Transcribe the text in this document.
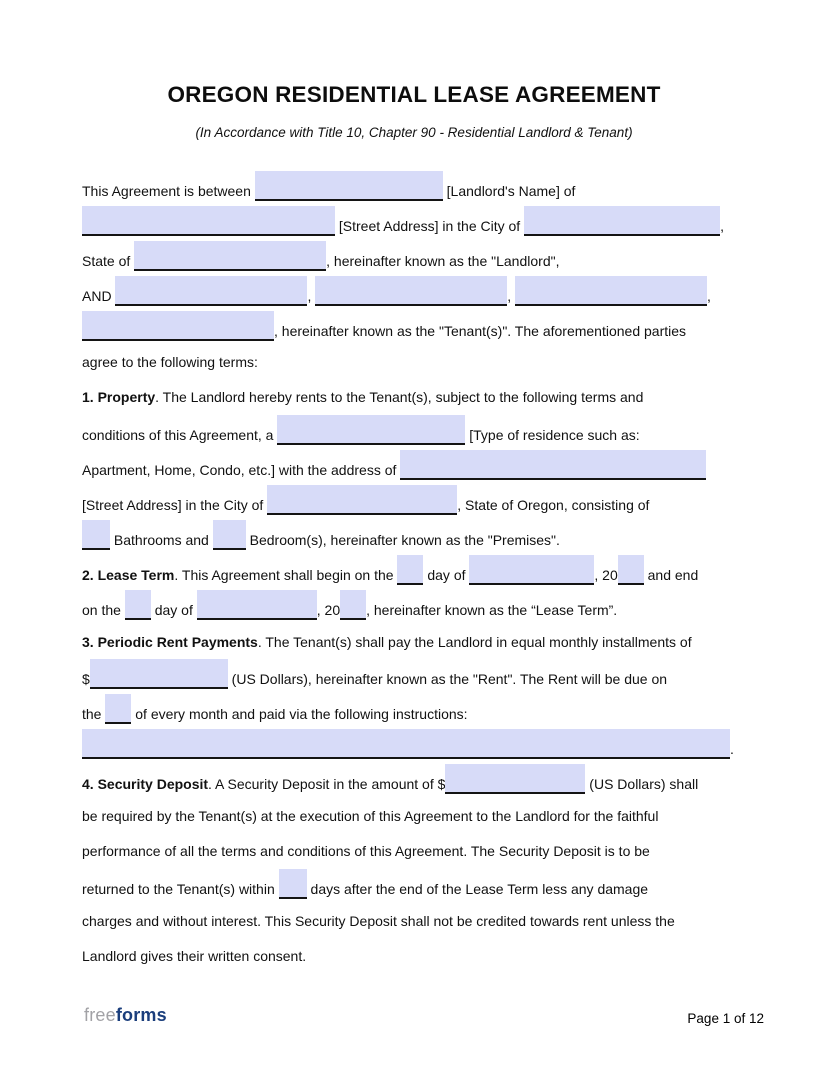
OREGON RESIDENTIAL LEASE AGREEMENT
(In Accordance with Title 10, Chapter 90 - Residential Landlord & Tenant)
This Agreement is between	[Landlord's Name] of
[Street Address] in the City of	,
State of	, hereinafter known as the "Landlord",
AND	,	,	,
, hereinafter known as the "Tenant(s)". The aforementioned parties
agree to the following terms:
1. Property. The Landlord hereby rents to the Tenant(s), subject to the following terms and
conditions of this Agreement, a	[Type of residence such as:
Apartment, Home, Condo, etc.] with the address of
[Street Address] in the City of	, State of Oregon, consisting of
Bathrooms and  Bedroom(s), hereinafter known as the "Premises".
2. Lease Term. This Agreement shall begin on the  day of	, 20 and end
on the  day of	, 20 , hereinafter known as the “Lease Term”.
3. Periodic Rent Payments. The Tenant(s) shall pay the Landlord in equal monthly installments of
$	(US Dollars), hereinafter known as the "Rent". The Rent will be due on
the  of every month and paid via the following instructions:
.
4. Security Deposit. A Security Deposit in the amount of $	(US Dollars) shall
be required by the Tenant(s) at the execution of this Agreement to the Landlord for the faithful
performance of all the terms and conditions of this Agreement. The Security Deposit is to be
returned to the Tenant(s) within  days after the end of the Lease Term less any damage
charges and without interest. This Security Deposit shall not be credited towards rent unless the
Landlord gives their written consent.
freeforms	Page 1 of 12
